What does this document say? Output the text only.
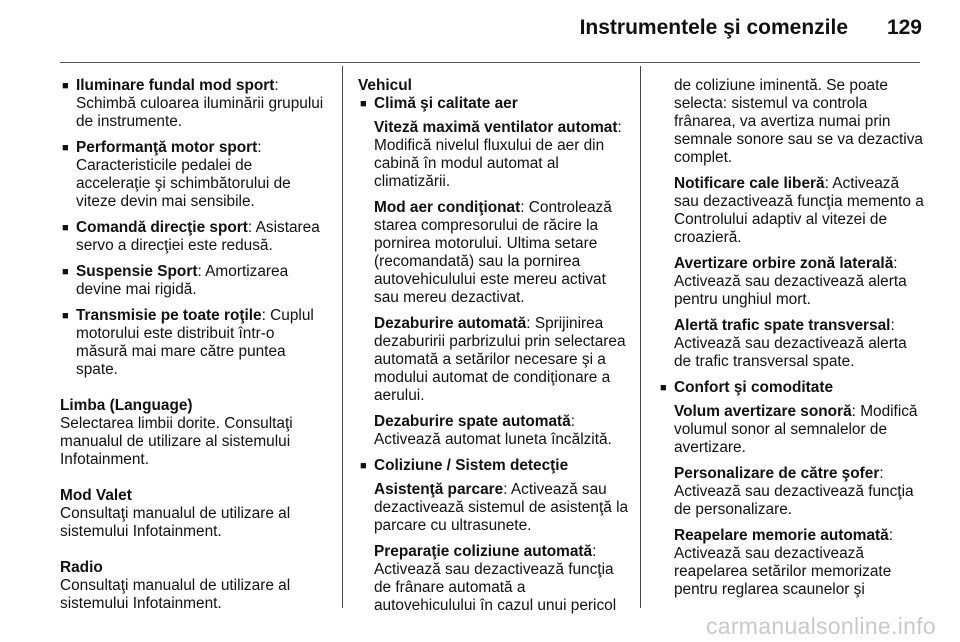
Instrumentele şi comenzile 129
■ Iluminare fundal mod sport: Schimbă culoarea iluminării grupului de instrumente.
■ Performanţă motor sport: Caracteristicile pedalei de acceleraţie şi schimbătorului de viteze devin mai sensibile.
■ Comandă direcţie sport: Asistarea servo a direcţiei este redusă.
■ Suspensie Sport: Amortizarea devine mai rigidă.
■ Transmisie pe toate roţile: Cuplul motorului este distribuit într-o măsură mai mare către puntea spate.
Limba (Language)
Selectarea limbii dorite. Consultaţi manualul de utilizare al sistemului Infotainment.
Mod Valet
Consultaţi manualul de utilizare al sistemului Infotainment.
Radio
Consultaţi manualul de utilizare al sistemului Infotainment.
Vehicul
■ Climă şi calitate aer
Viteză maximă ventilator automat: Modifică nivelul fluxului de aer din cabină în modul automat al climatizării.
Mod aer condiţionat: Controlează starea compresorului de răcire la pornirea motorului. Ultima setare (recomandată) sau la pornirea autovehiculului este mereu activat sau mereu dezactivat.
Dezaburire automată: Sprijinirea dezaburirii parbrizului prin selectarea automată a setărilor necesare şi a modului automat de condiţionare a aerului.
Dezaburire spate automată: Activează automat luneta încălzită.
■ Coliziune / Sistem detecţie
Asistenţă parcare: Activează sau dezactivează sistemul de asistenţă la parcare cu ultrasunete.
Preparaţie coliziune automată: Activează sau dezactivează funcţia de frânare automată a autovehiculului în cazul unui pericol
de coliziune iminentă. Se poate selecta: sistemul va controla frânarea, va avertiza numai prin semnale sonore sau se va dezactiva complet.
Notificare cale liberă: Activează sau dezactivează funcţia memento a Controlului adaptiv al vitezei de croazieră.
Avertizare orbire zonă laterală: Activează sau dezactivează alerta pentru unghiul mort.
Alertă trafic spate transversal: Activează sau dezactivează alerta de trafic transversal spate.
■ Confort şi comoditate
Volum avertizare sonoră: Modifică volumul sonor al semnalelor de avertizare.
Personalizare de către şofer: Activează sau dezactivează funcţia de personalizare.
Reapelare memorie automată: Activează sau dezactivează reapelarea setărilor memorizate pentru reglarea scaunelor şi
carmanualsonline.info
